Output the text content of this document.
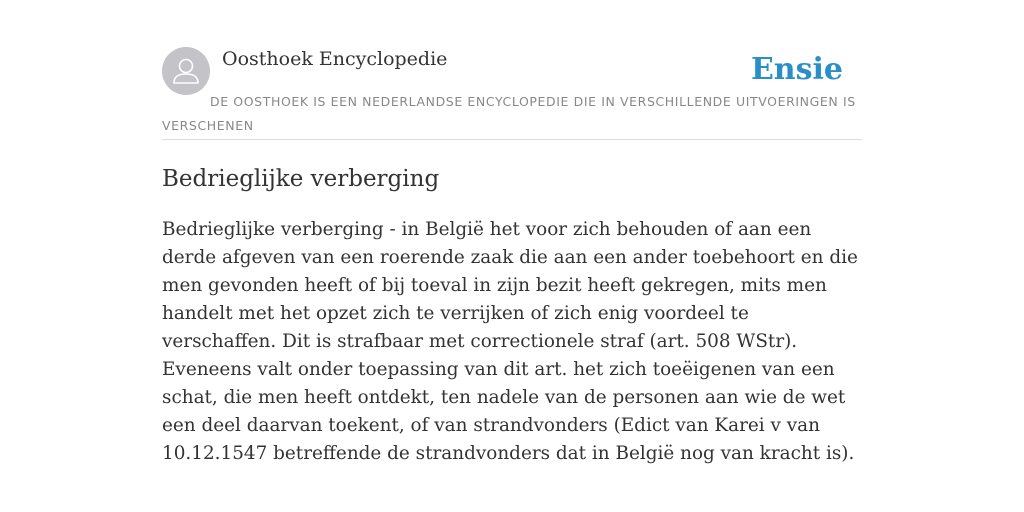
Oosthoek Encyclopedie	Ensie
DE OOSTHOEK IS EEN NEDERLANDSE ENCYCLOPEDIE DIE IN VERSCHILLENDE UITVOERINGEN IS VERSCHENEN
Bedrieglijke verberging

Bedrieglijke verberging - in België het voor zich behouden of aan een derde afgeven van een roerende zaak die aan een ander toebehoort en die men gevonden heeft of bij toeval in zijn bezit heeft gekregen, mits men handelt met het opzet zich te verrijken of zich enig voordeel te verschaffen. Dit is strafbaar met correctionele straf (art. 508 WStr). Eveneens valt onder toepassing van dit art. het zich toeëigenen van een schat, die men heeft ontdekt, ten nadele van de personen aan wie de wet een deel daarvan toekent, of van strandvonders (Edict van Karei v van 10.12.1547 betreffende de strandvonders dat in België nog van kracht is).
